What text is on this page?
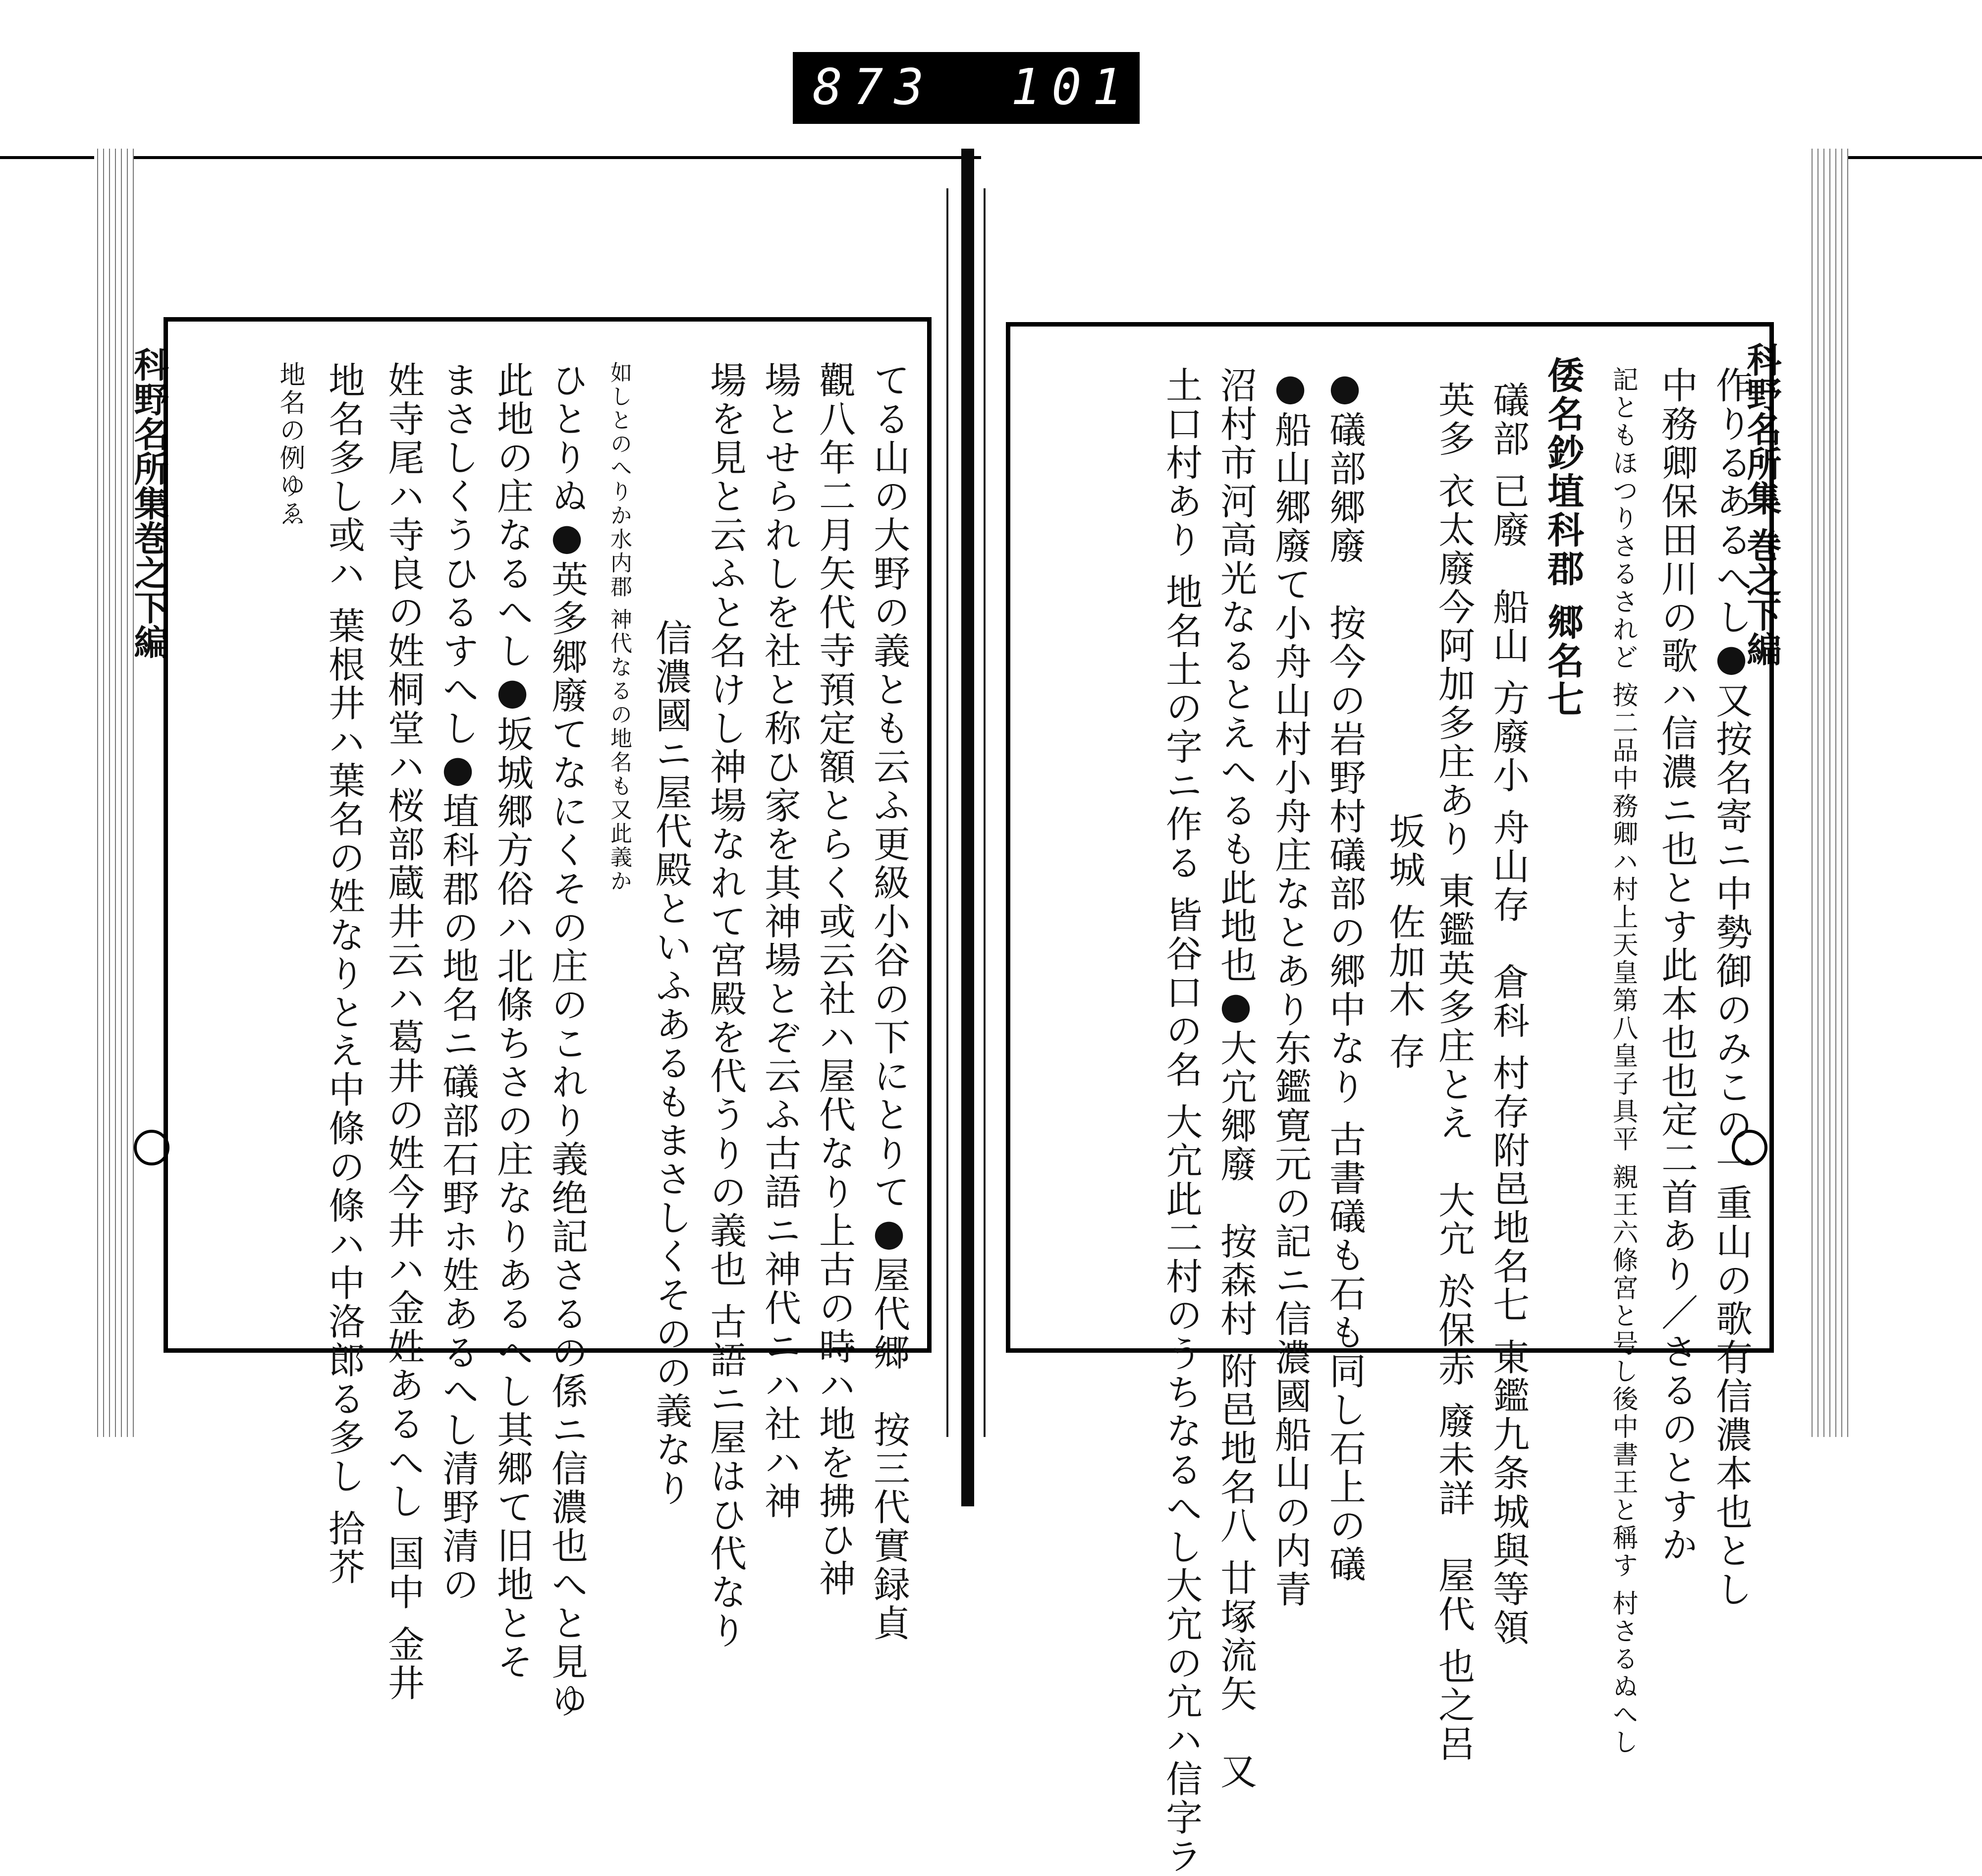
873 101
科野名所集 巻之下編
科野名所集巻之下編	作りるあるへし●又按名寄ニ中勢御のみこの一重山の歌有信濃本也とし
中務卿保田川の歌ハ信濃ニ也とす此本也也定二首あり／さるのとすか
記ともほつりさるされど 按二品中務卿ハ村上天皇第八皇子具平 親王六條宮と号し後中書王と稱す 村さるぬへし
倭名鈔埴科郡 郷名七
礒部 已廢　船山 方廢小 舟山存　倉科 村存附邑地名七 東鑑九条城與等領
英多 衣太廢今阿加多庄あり 東鑑英多庄とえ　大宂 於保赤 廢未詳　屋代 也之呂
坂城 佐加木 存
●礒部郷廢　按今の岩野村礒部の郷中なり 古書礒も石も同し石上の礒
●船山郷廢て小舟山村小舟庄なとあり东鑑寛元の記ニ信濃國船山の内青
沼村市河高光なるとえへるも此地也●大宂郷廢　按森村 附邑地名八 廿塚流矢　又
土口村あり 地名土の字ニ作る 皆谷口の名 大宂此二村のうちなるへし大宂の宂ハ信字ラ
てる山の大野の義とも云ふ更級小谷の下にとりて●屋代郷　按三代實録貞
觀八年二月矢代寺預定額とらく或云社ハ屋代なり上古の時ハ地を拂ひ神
場とせられしを社と称ひ家を其神場とぞ云ふ古語ニ神代ニハ社ハ神
場を見と云ふと名けし神場なれて宮殿を代うりの義也 古語ニ屋はひ代なり
信濃國ニ屋代殿といふあるもまさしくそのの義なり
如しとのへりか水内郡 神代なるの地名も又此義か
ひとりぬ●英多郷廢てなにくその庄のこれり義绝記さるの係ニ信濃也へと見ゆ
此地の庄なるへし●坂城郷方俗ハ北條ちさの庄なりあるへし其郷て旧地とそ
まさしくうひるすへし●埴科郡の地名ニ礒部石野ホ姓あるへし清野清の
姓寺尾ハ寺良の姓桐堂ハ桜部蔵井云ハ葛井の姓今井ハ金姓あるへし 国中 金井
地名多し或ハ 葉根井ハ葉名の姓なりとえ中條の條ハ中洛郎る多し 拾芥
地名の例ゆゑ
